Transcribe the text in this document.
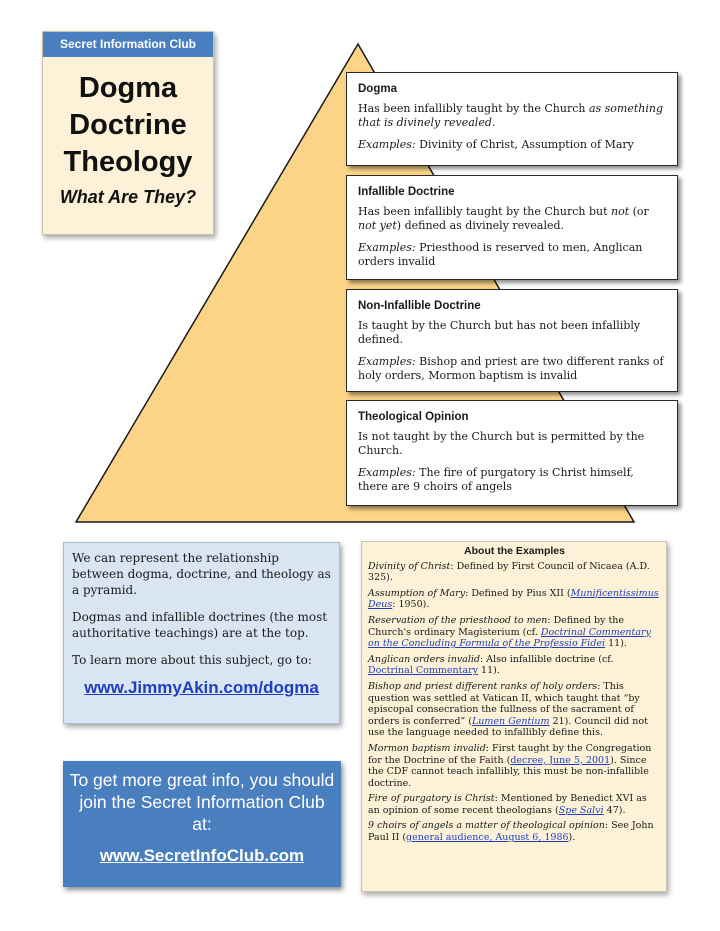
Secret Information Club
Dogma
Doctrine
Theology
What Are They?
Dogma
Has been infallibly taught by the Church as something that is divinely revealed.
Examples: Divinity of Christ, Assumption of Mary
Infallible Doctrine
Has been infallibly taught by the Church but not (or not yet) defined as divinely revealed.
Examples: Priesthood is reserved to men, Anglican orders invalid
Non-Infallible Doctrine
Is taught by the Church but has not been infallibly defined.
Examples: Bishop and priest are two different ranks of holy orders, Mormon baptism is invalid
Theological Opinion
Is not taught by the Church but is permitted by the Church.
Examples: The fire of purgatory is Christ himself, there are 9 choirs of angels

We can represent the relationship between dogma, doctrine, and theology as a pyramid.

Dogmas and infallible doctrines (the most authoritative teachings) are at the top.

To learn more about this subject, go to:

www.JimmyAkin.com/dogma
To get more great info, you should join the Secret Information Club at:
www.SecretInfoClub.com
About the Examples
Divinity of Christ: Defined by First Council of Nicaea (A.D. 325).
Assumption of Mary: Defined by Pius XII (Munificentissimus Deus: 1950).
Reservation of the priesthood to men: Defined by the Church's ordinary Magisterium (cf. Doctrinal Commentary on the Concluding Formula of the Professio Fidei 11).
Anglican orders invalid: Also infallible doctrine (cf. Doctrinal Commentary 11).
Bishop and priest different ranks of holy orders: This question was settled at Vatican II, which taught that “by episcopal consecration the fullness of the sacrament of orders is conferred” (Lumen Gentium 21). Council did not use the language needed to infallibly define this.
Mormon baptism invalid: First taught by the Congregation for the Doctrine of the Faith (decree, June 5, 2001). Since the CDF cannot teach infallibly, this must be non-infallible doctrine.
Fire of purgatory is Christ: Mentioned by Benedict XVI as an opinion of some recent theologians (Spe Salvi 47).
9 choirs of angels a matter of theological opinion: See John Paul II (general audience, August 6, 1986).
